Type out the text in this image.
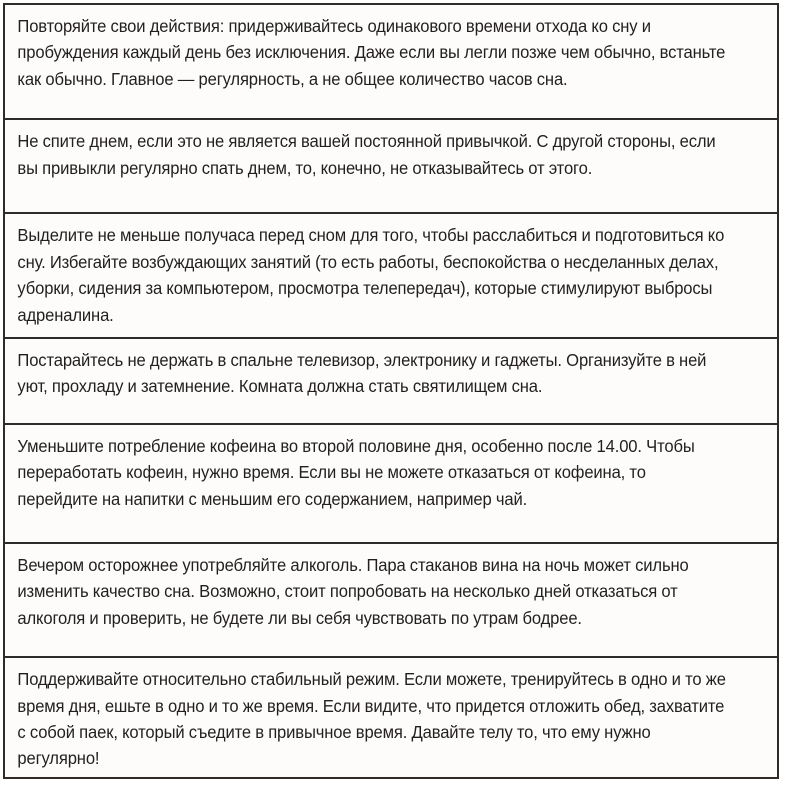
Повторяйте свои действия: придерживайтесь одинакового времени отхода ко сну и пробуждения каждый день без исключения. Даже если вы легли позже чем обычно, встаньте как обычно. Главное — регулярность, а не общее количество часов сна.

Не спите днем, если это не является вашей постоянной привычкой. С другой стороны, если вы привыкли регулярно спать днем, то, конечно, не отказывайтесь от этого.

Выделите не меньше получаса перед сном для того, чтобы расслабиться и подготовиться ко сну. Избегайте возбуждающих занятий (то есть работы, беспокойства о несделанных делах, уборки, сидения за компьютером, просмотра телепередач), которые стимулируют выбросы адреналина.

Постарайтесь не держать в спальне телевизор, электронику и гаджеты. Организуйте в ней уют, прохладу и затемнение. Комната должна стать святилищем сна.

Уменьшите потребление кофеина во второй половине дня, особенно после 14.00. Чтобы переработать кофеин, нужно время. Если вы не можете отказаться от кофеина, то перейдите на напитки с меньшим его содержанием, например чай.

Вечером осторожнее употребляйте алкоголь. Пара стаканов вина на ночь может сильно изменить качество сна. Возможно, стоит попробовать на несколько дней отказаться от алкоголя и проверить, не будете ли вы себя чувствовать по утрам бодрее.

Поддерживайте относительно стабильный режим. Если можете, тренируйтесь в одно и то же время дня, ешьте в одно и то же время. Если видите, что придется отложить обед, захватите с собой паек, который съедите в привычное время. Давайте телу то, что ему нужно регулярно!
